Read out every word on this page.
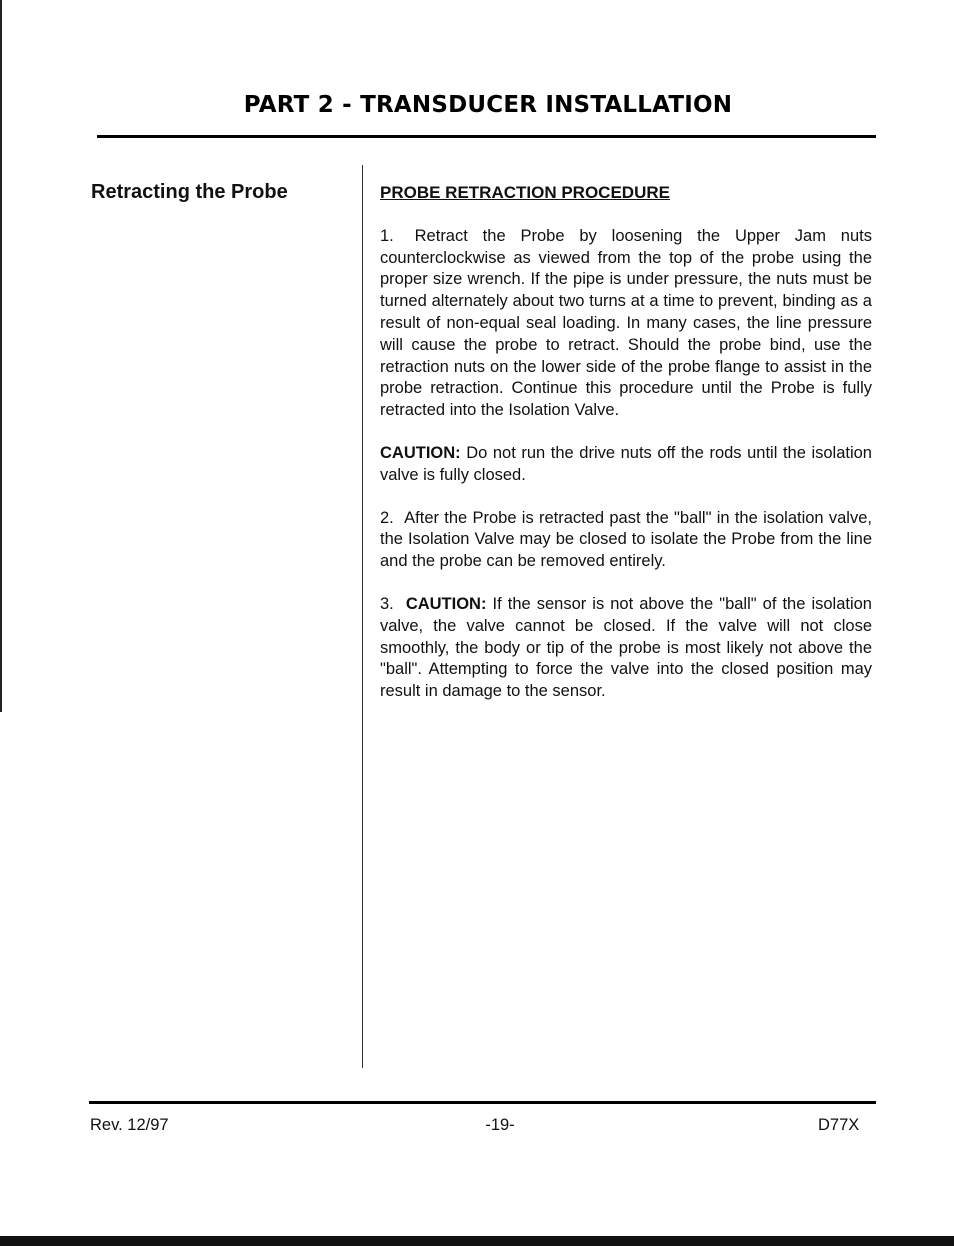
PART 2 - TRANSDUCER INSTALLATION
Retracting the Probe	PROBE RETRACTION PROCEDURE

1. Retract the Probe by loosening the Upper Jam nuts counterclockwise as viewed from the top of the probe using the proper size wrench. If the pipe is under pressure, the nuts must be turned alternately about two turns at a time to prevent, binding as a result of non-equal seal loading. In many cases, the line pressure will cause the probe to retract. Should the probe bind, use the retraction nuts on the lower side of the probe flange to assist in the probe retraction. Continue this procedure until the Probe is fully retracted into the Isolation Valve.

CAUTION: Do not run the drive nuts off the rods until the isolation valve is fully closed.

2. After the Probe is retracted past the "ball" in the isolation valve, the Isolation Valve may be closed to isolate the Probe from the line and the probe can be removed entirely.

3. CAUTION: If the sensor is not above the "ball" of the isolation valve, the valve cannot be closed. If the valve will not close smoothly, the body or tip of the probe is most likely not above the "ball". Attempting to force the valve into the closed position may result in damage to the sensor.

Rev. 12/97	-19-	D77X
